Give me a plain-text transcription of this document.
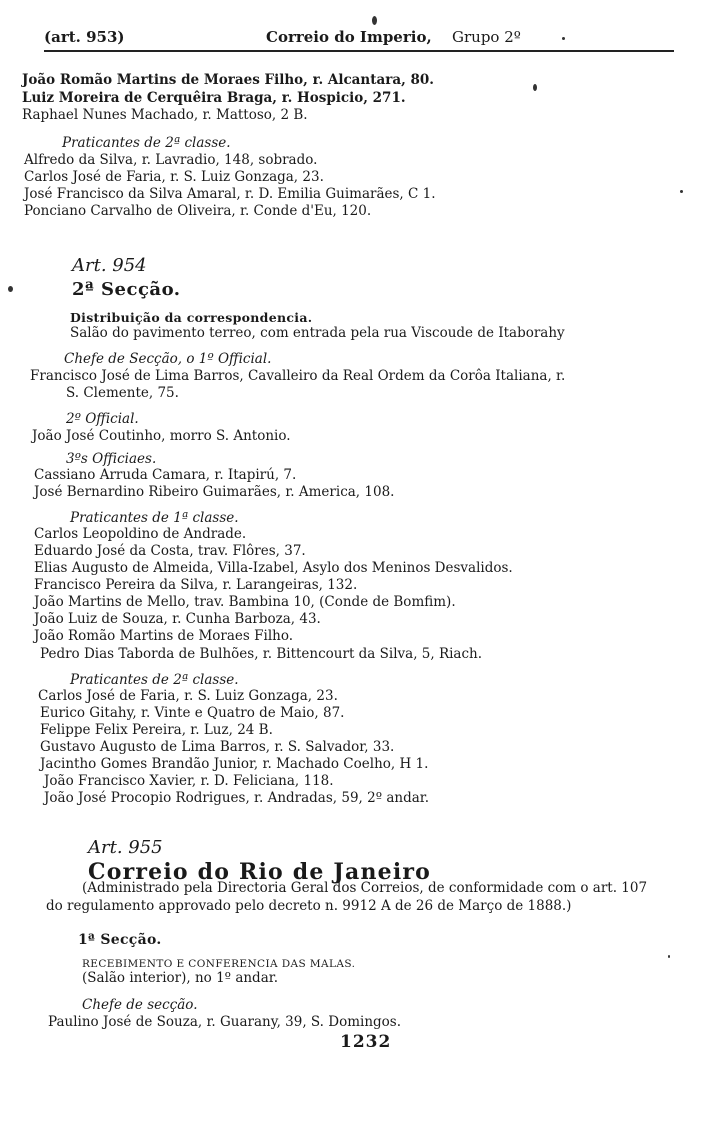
(art. 953)	Correio do Imperio, Grupo 2º
João Romão Martins de Moraes Filho, r. Alcantara, 80.
Luiz Moreira de Cerquêira Braga, r. Hospicio, 271.
Raphael Nunes Machado, r. Mattoso, 2 B.
Praticantes de 2ª classe.
Alfredo da Silva, r. Lavradio, 148, sobrado.
Carlos José de Faria, r. S. Luiz Gonzaga, 23.
José Francisco da Silva Amaral, r. D. Emilia Guimarães, C 1.
Ponciano Carvalho de Oliveira, r. Conde d'Eu, 120.
Art. 954
2ª Secção.
Distribuição da correspondencia.
Salão do pavimento terreo, com entrada pela rua Viscoude de Itaborahy
Chefe de Secção, o 1º Official.
Francisco José de Lima Barros, Cavalleiro da Real Ordem da Corôa Italiana, r.
S. Clemente, 75.
2º Official.
João José Coutinho, morro S. Antonio.
3ºs Officiaes.
Cassiano Arruda Camara, r. Itapirú, 7.
José Bernardino Ribeiro Guimarães, r. America, 108.
Praticantes de 1ª classe.
Carlos Leopoldino de Andrade.
Eduardo José da Costa, trav. Flôres, 37.
Elias Augusto de Almeida, Villa-Izabel, Asylo dos Meninos Desvalidos.
Francisco Pereira da Silva, r. Larangeiras, 132.
João Martins de Mello, trav. Bambina 10, (Conde de Bomfim).
João Luiz de Souza, r. Cunha Barboza, 43.
João Romão Martins de Moraes Filho.
Pedro Dias Taborda de Bulhões, r. Bittencourt da Silva, 5, Riach.
Praticantes de 2ª classe.
Carlos José de Faria, r. S. Luiz Gonzaga, 23.
Eurico Gitahy, r. Vinte e Quatro de Maio, 87.
Felippe Felix Pereira, r. Luz, 24 B.
Gustavo Augusto de Lima Barros, r. S. Salvador, 33.
Jacintho Gomes Brandão Junior, r. Machado Coelho, H 1.
João Francisco Xavier, r. D. Feliciana, 118.
João José Procopio Rodrigues, r. Andradas, 59, 2º andar.
Art. 955
Correio do Rio de Janeiro
(Administrado pela Directoria Geral dos Correios, de conformidade com o art. 107
do regulamento approvado pelo decreto n. 9912 A de 26 de Março de 1888.)
1ª Secção.
RECEBIMENTO E CONFERENCIA DAS MALAS.
(Salão interior), no 1º andar.
Chefe de secção.
Paulino José de Souza, r. Guarany, 39, S. Domingos.
1232
